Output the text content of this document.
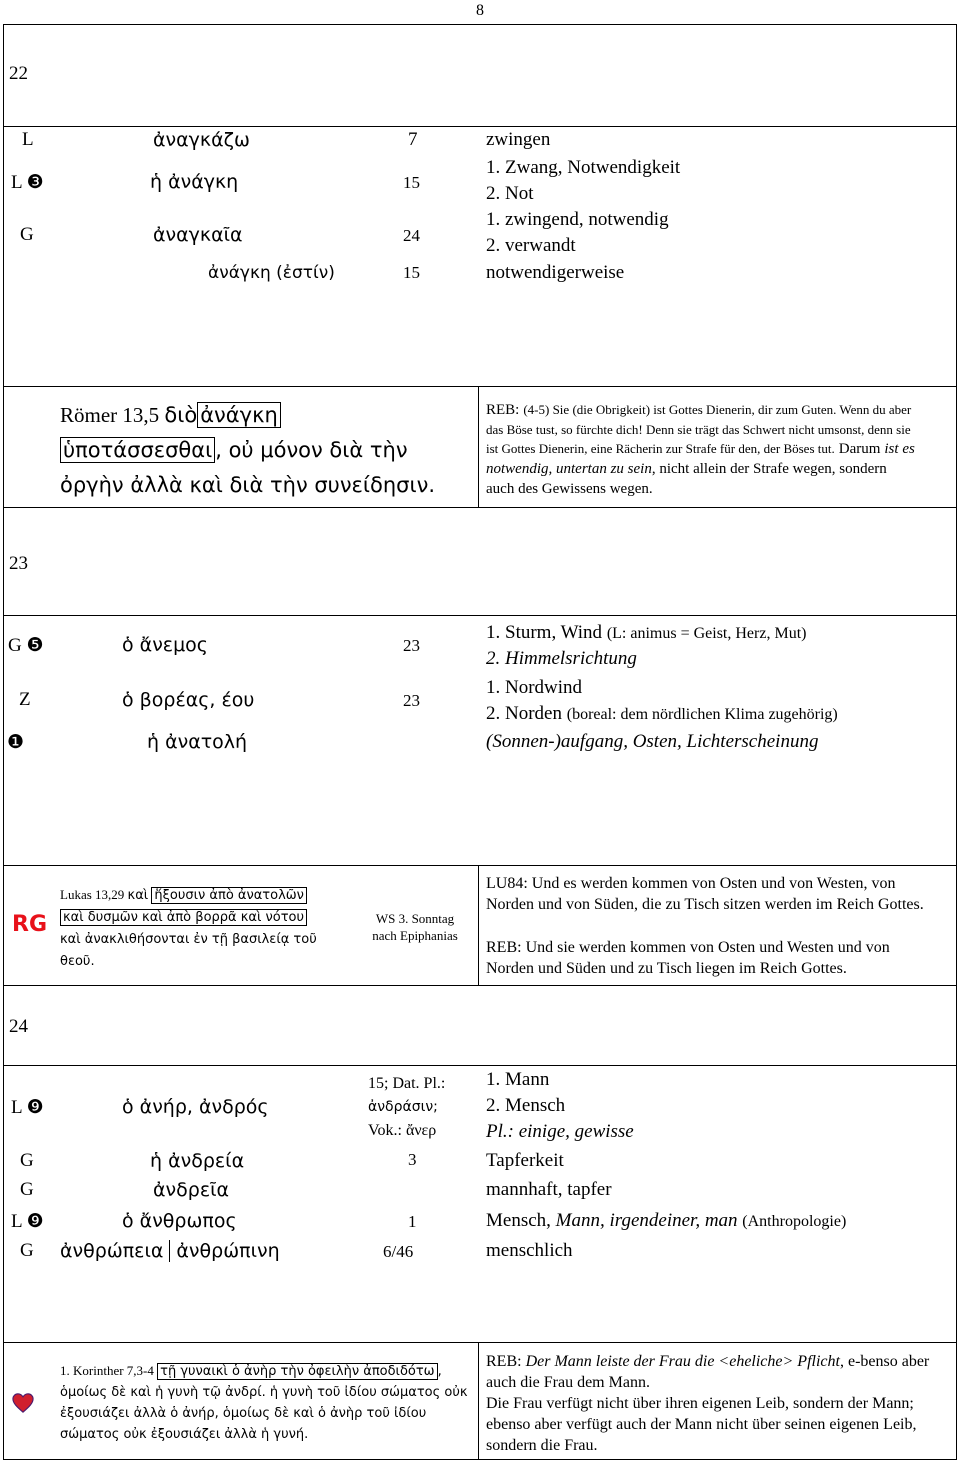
8
22
L	ἀναγκάζω	7	zwingen
L ❸	ἡ ἀνάγκη	15
1. Zwang, Notwendigkeit
2. Not
G	ἀναγκαῖα	24
1. zwingend, notwendig
2. verwandt
ἀνάγκη (ἐστίν)	15	notwendigerweise
Römer 13,5 διὸ ἀνάγκη
ὑποτάσσεσθαι , οὐ μόνον διὰ τὴν
ὀργὴν ἀλλὰ καὶ διὰ τὴν συνείδησιν.
REB: (4-5) Sie (die Obrigkeit) ist Gottes Dienerin, dir zum Guten. Wenn du aber das Böse tust, so fürchte dich! Denn sie trägt das Schwert nicht umsonst, denn sie ist Gottes Dienerin, eine Rächerin zur Strafe für den, der Böses tut. Darum ist es notwendig, untertan zu sein, nicht allein der Strafe wegen, sondern auch des Gewissens wegen.
23
G ❺	ὁ ἄνεμος	23
1. Sturm, Wind (L: animus = Geist, Herz, Mut)
2. Himmelsrichtung
Z	ὁ βορέας, έου	23
1. Nordwind
2. Norden (boreal: dem nördlichen Klima zugehörig)
❶	ἡ ἀνατολή	(Sonnen-)aufgang, Osten, Lichterscheinung
RG
Lukas 13,29 καὶ ἥξουσιν ἀπὸ ἀνατολῶν
καὶ δυσμῶν καὶ ἀπὸ βορρᾶ καὶ νότου
καὶ ἀνακλιθήσονται ἐν τῇ βασιλείᾳ τοῦ θεοῦ.
WS 3. Sonntag
nach Epiphanias
LU84: Und es werden kommen von Osten und von Westen, von Norden und von Süden, die zu Tisch sitzen werden im Reich Gottes.
REB: Und sie werden kommen von Osten und Westen und von Norden und Süden und zu Tisch liegen im Reich Gottes.
24
L ❾	ὁ ἀνήρ, ἀνδρός
15; Dat. Pl.:
ἀνδράσιν;
Vok.: ἄνερ
1. Mann
2. Mensch
Pl.: einige, gewisse
G	ἡ ἀνδρεία	3	Tapferkeit
G	ἀνδρεῖα	mannhaft, tapfer
L ❾	ὁ ἄνθρωπος	1	Mensch, Mann, irgendeiner, man (Anthropologie)
G ἀνθρώπεια ἀνθρώπινη	6/46	menschlich
1. Korinther 7,3-4 τῇ γυναικὶ ὁ ἀνὴρ τὴν ὀφειλὴν ἀποδιδότω , ὁμοίως δὲ καὶ ἡ γυνὴ τῷ ἀνδρί. ἡ γυνὴ τοῦ ἰδίου σώματος οὐκ ἐξουσιάζει ἀλλὰ ὁ ἀνήρ, ὁμοίως δὲ καὶ ὁ ἀνὴρ τοῦ ἰδίου σώματος οὐκ ἐξουσιάζει ἀλλὰ ἡ γυνή.
REB: Der Mann leiste der Frau die <eheliche> Pflicht, e-benso aber auch die Frau dem Mann.
Die Frau verfügt nicht über ihren eigenen Leib, sondern der Mann; ebenso aber verfügt auch der Mann nicht über seinen eigenen Leib, sondern die Frau.
